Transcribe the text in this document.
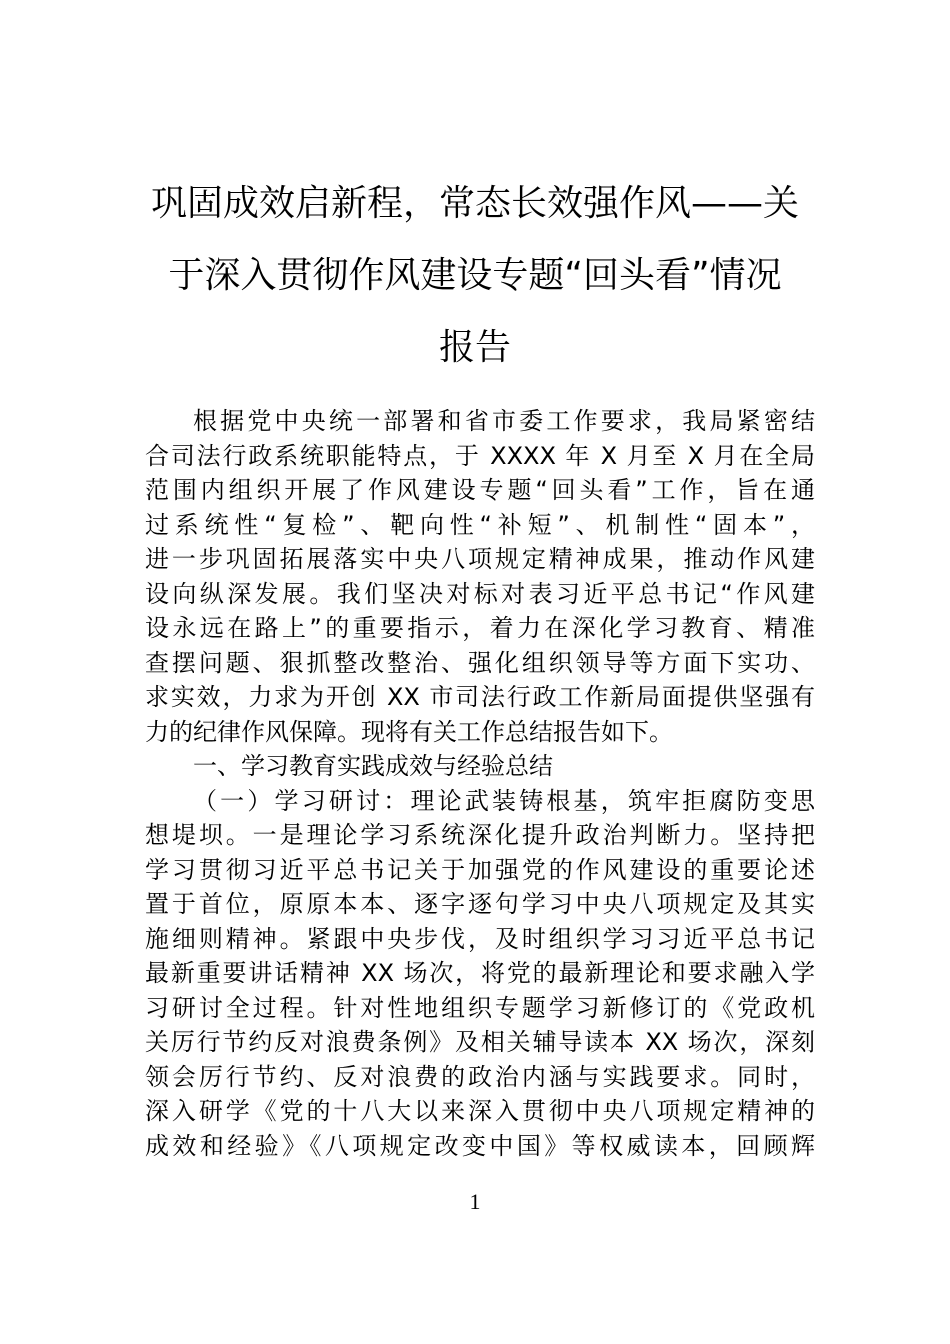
巩固成效启新程，常态长效强作风——关
于深入贯彻作风建设专题“回头看”情况
报告
根据党中央统一部署和省市委工作要求，我局紧密结
合司法行政系统职能特点，于 XXXX 年 X 月至 X 月在全局
范围内组织开展了作风建设专题“回头看”工作，旨在通
过系统性“复检”、靶向性“补短”、机制性“固本”，
进一步巩固拓展落实中央八项规定精神成果，推动作风建
设向纵深发展。我们坚决对标对表习近平总书记“作风建
设永远在路上”的重要指示，着力在深化学习教育、精准
查摆问题、狠抓整改整治、强化组织领导等方面下实功、
求实效，力求为开创 XX 市司法行政工作新局面提供坚强有
力的纪律作风保障。现将有关工作总结报告如下。
一、学习教育实践成效与经验总结
（一）学习研讨：理论武装铸根基，筑牢拒腐防变思
想堤坝。一是理论学习系统深化提升政治判断力。坚持把
学习贯彻习近平总书记关于加强党的作风建设的重要论述
置于首位，原原本本、逐字逐句学习中央八项规定及其实
施细则精神。紧跟中央步伐，及时组织学习习近平总书记
最新重要讲话精神 XX 场次，将党的最新理论和要求融入学
习研讨全过程。针对性地组织专题学习新修订的《党政机
关厉行节约反对浪费条例》及相关辅导读本 XX 场次，深刻
领会厉行节约、反对浪费的政治内涵与实践要求。同时，
深入研学《党的十八大以来深入贯彻中央八项规定精神的
成效和经验》《八项规定改变中国》等权威读本，回顾辉
1
